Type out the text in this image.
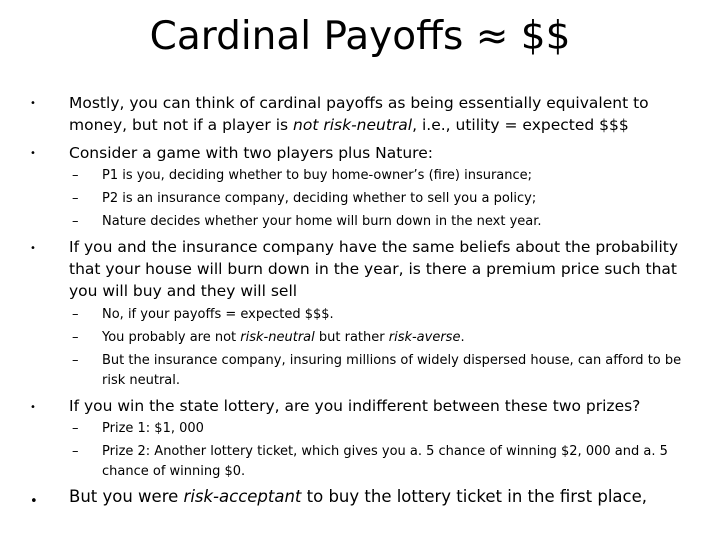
Cardinal Payoffs ≈ $$
• Mostly, you can think of cardinal payoffs as being essentially equivalent to money, but not if a player is not risk-neutral, i.e., utility = expected $$$
• Consider a game with two players plus Nature:
– P1 is you, deciding whether to buy home-owner’s (fire) insurance;
– P2 is an insurance company, deciding whether to sell you a policy;
– Nature decides whether your home will burn down in the next year.
• If you and the insurance company have the same beliefs about the probability that your house will burn down in the year, is there a premium price such that you will buy and they will sell
– No, if your payoffs = expected $$$.
– You probably are not risk-neutral but rather risk-averse.
– But the insurance company, insuring millions of widely dispersed house, can afford to be risk neutral.
• If you win the state lottery, are you indifferent between these two prizes?
– Prize 1: $1, 000
– Prize 2: Another lottery ticket, which gives you a. 5 chance of winning $2, 000 and a. 5 chance of winning $0.
• But you were risk-acceptant to buy the lottery ticket in the first place,
